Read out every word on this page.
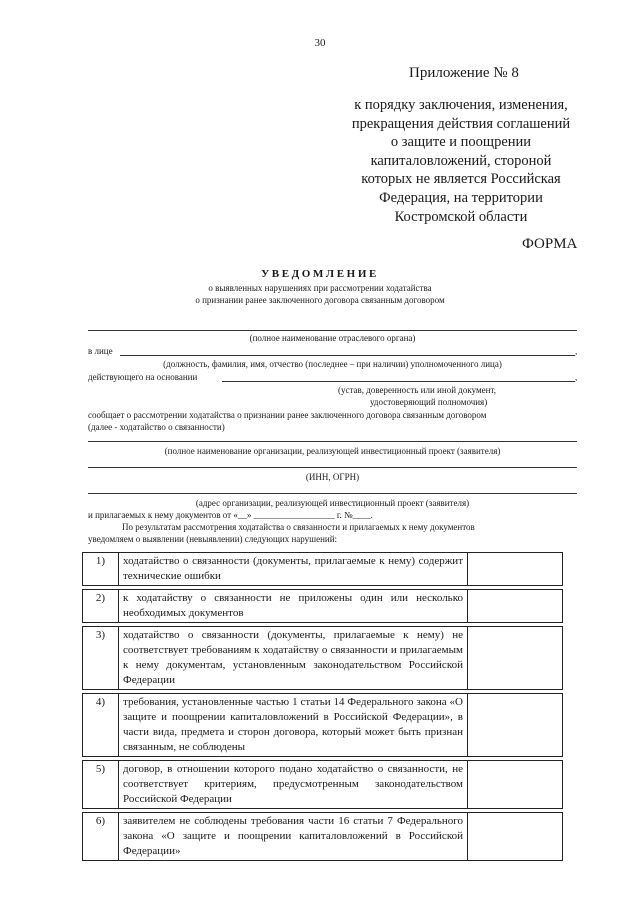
30
Приложение № 8
к порядку заключения, изменения,
прекращения действия соглашений
о защите и поощрении
капиталовложений, стороной
которых не является Российская
Федерация, на территории
Костромской области
ФОРМА
УВЕДОМЛЕНИЕ
о выявленных нарушениях при рассмотрении ходатайства
о признании ранее заключенного договора связанным договором
(полное наименование отраслевого органа)
в лице	,
(должность, фамилия, имя, отчество (последнее – при наличии) уполномоченного лица)
действующего на основании	,
(устав, доверенность или иной документ,
удостоверяющий полномочия)
сообщает о рассмотрении ходатайства о признании ранее заключенного договора связанным договором
(далее - ходатайство о связанности)
(полное наименование организации, реализующей инвестиционный проект (заявителя)
(ИНН, ОГРН)
(адрес организации, реализующей инвестиционный проект (заявителя)
и прилагаемых к нему документов от «__» __________________ г. №____.
По результатам рассмотрения ходатайства о связанности и прилагаемых к нему документов
уведомляем о выявлении (невыявлении) следующих нарушений:
1)	ходатайство о связанности (документы, прилагаемые к нему) содержит технические ошибки	

2)	к ходатайству о связанности не приложены один или несколько необходимых документов	

3)	ходатайство о связанности (документы, прилагаемые к нему) не соответствует требованиям к ходатайству о связанности и прилагаемым к нему документам, установленным законодательством Российской Федерации	

4)	требования, установленные частью 1 статьи 14 Федерального закона «О защите и поощрении капиталовложений в Российской Федерации», в части вида, предмета и сторон договора, который может быть признан связанным, не соблюдены	

5)	договор, в отношении которого подано ходатайство о связанности, не соответствует критериям, предусмотренным законодательством Российской Федерации	

6)	заявителем не соблюдены требования части 16 статьи 7 Федерального закона «О защите и поощрении капиталовложений в Российской Федерации»	
